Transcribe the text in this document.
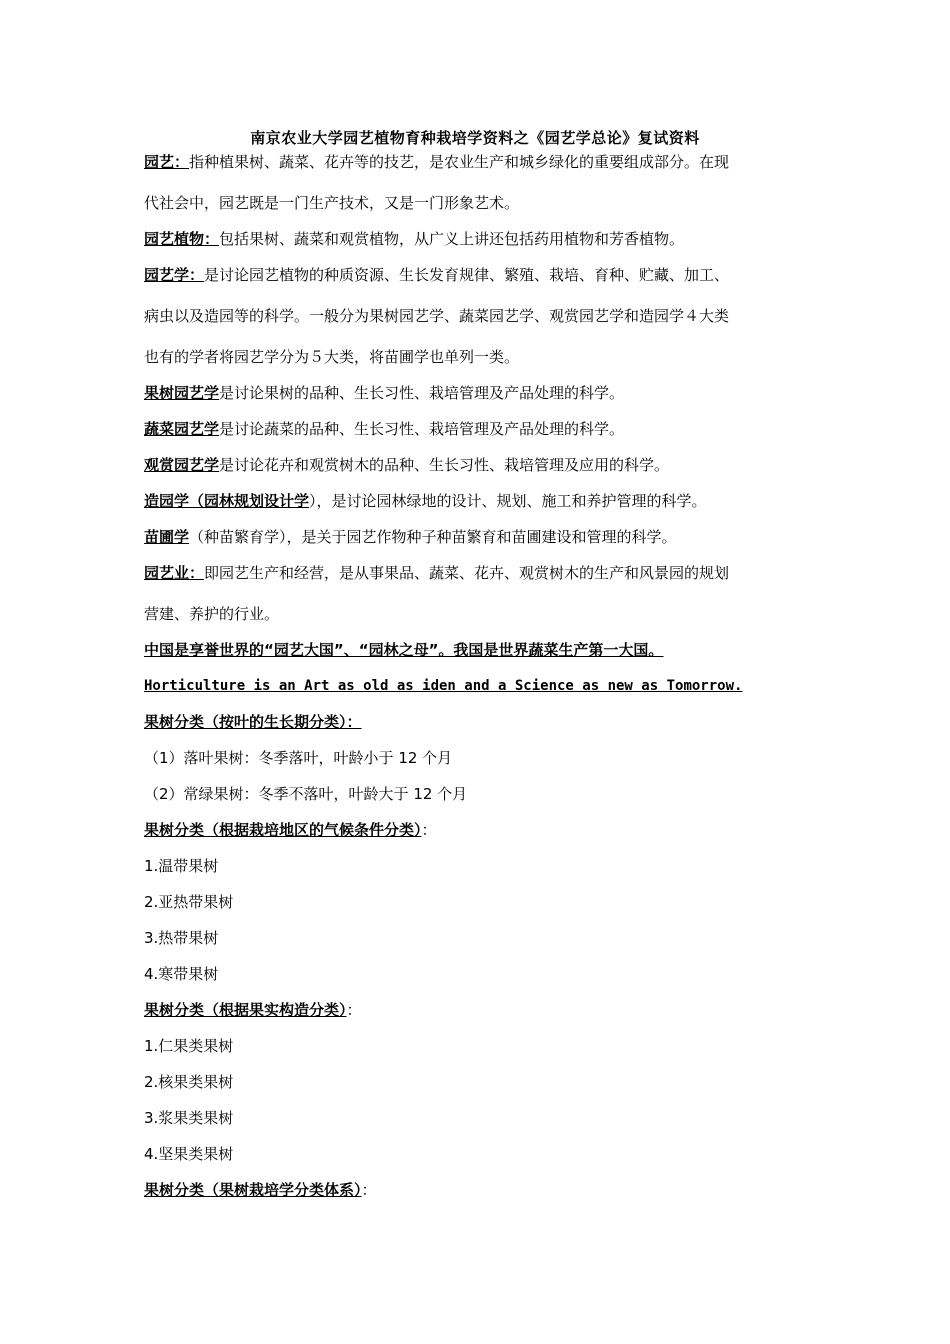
南京农业大学园艺植物育种栽培学资料之《园艺学总论》复试资料
园艺：指种植果树、蔬菜、花卉等的技艺，是农业生产和城乡绿化的重要组成部分。在现
代社会中，园艺既是一门生产技术，又是一门形象艺术。
园艺植物：包括果树、蔬菜和观赏植物，从广义上讲还包括药用植物和芳香植物。
园艺学：是讨论园艺植物的种质资源、生长发育规律、繁殖、栽培、育种、贮藏、加工、
病虫以及造园等的科学。一般分为果树园艺学、蔬菜园艺学、观赏园艺学和造园学４大类
也有的学者将园艺学分为５大类，将苗圃学也单列一类。
果树园艺学是讨论果树的品种、生长习性、栽培管理及产品处理的科学。
蔬菜园艺学是讨论蔬菜的品种、生长习性、栽培管理及产品处理的科学。
观赏园艺学是讨论花卉和观赏树木的品种、生长习性、栽培管理及应用的科学。
造园学（园林规划设计学），是讨论园林绿地的设计、规划、施工和养护管理的科学。
苗圃学（种苗繁育学），是关于园艺作物种子种苗繁育和苗圃建设和管理的科学。
园艺业：即园艺生产和经营，是从事果品、蔬菜、花卉、观赏树木的生产和风景园的规划
营建、养护的行业。
中国是享誉世界的“园艺大国”、“园林之母”。我国是世界蔬菜生产第一大国。
Horticulture is an Art as old as iden and a Science as new as Tomorrow.
果树分类（按叶的生长期分类）：
（1）落叶果树：冬季落叶，叶龄小于 12 个月
（2）常绿果树：冬季不落叶，叶龄大于 12 个月
果树分类（根据栽培地区的气候条件分类）：
1.温带果树
2.亚热带果树
3.热带果树
4.寒带果树
果树分类（根据果实构造分类）：
1.仁果类果树
2.核果类果树
3.浆果类果树
4.坚果类果树
果树分类（果树栽培学分类体系）：
